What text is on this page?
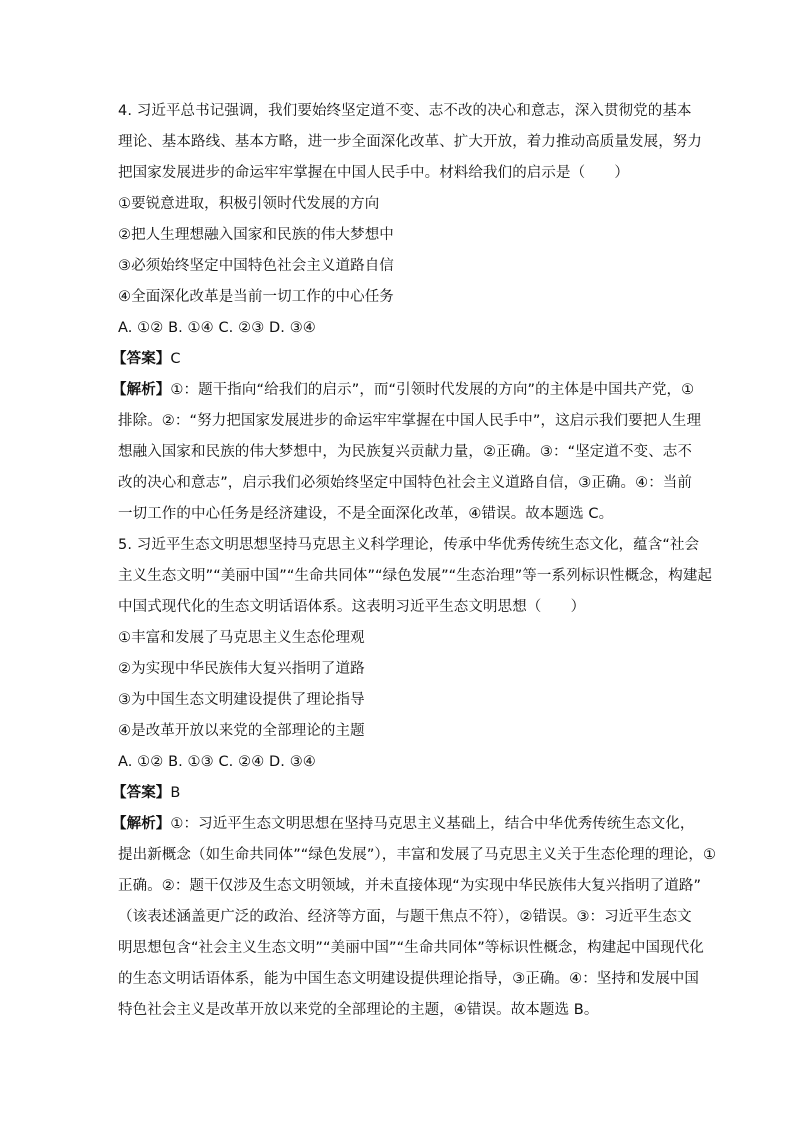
4. 习近平总书记强调，我们要始终坚定道不变、志不改的决心和意志，深入贯彻党的基本
理论、基本路线、基本方略，进一步全面深化改革、扩大开放，着力推动高质量发展，努力
把国家发展进步的命运牢牢掌握在中国人民手中。材料给我们的启示是（　　）
①要锐意进取，积极引领时代发展的方向
②把人生理想融入国家和民族的伟大梦想中
③必须始终坚定中国特色社会主义道路自信
④全面深化改革是当前一切工作的中心任务
A. ①② B. ①④ C. ②③ D. ③④
【答案】C
【解析】①：题干指向“给我们的启示”，而“引领时代发展的方向”的主体是中国共产党，①
排除。②：“努力把国家发展进步的命运牢牢掌握在中国人民手中”，这启示我们要把人生理
想融入国家和民族的伟大梦想中，为民族复兴贡献力量，②正确。③：“坚定道不变、志不
改的决心和意志”，启示我们必须始终坚定中国特色社会主义道路自信，③正确。④：当前
一切工作的中心任务是经济建设，不是全面深化改革，④错误。故本题选 C。
5. 习近平生态文明思想坚持马克思主义科学理论，传承中华优秀传统生态文化，蕴含“社会
主义生态文明”“美丽中国”“生命共同体”“绿色发展”“生态治理”等一系列标识性概念，构建起
中国式现代化的生态文明话语体系。这表明习近平生态文明思想（　　）
①丰富和发展了马克思主义生态伦理观
②为实现中华民族伟大复兴指明了道路
③为中国生态文明建设提供了理论指导
④是改革开放以来党的全部理论的主题
A. ①② B. ①③ C. ②④ D. ③④
【答案】B
【解析】①：习近平生态文明思想在坚持马克思主义基础上，结合中华优秀传统生态文化，
提出新概念（如生命共同体”“绿色发展”），丰富和发展了马克思主义关于生态伦理的理论，①
正确。②：题干仅涉及生态文明领域，并未直接体现“为实现中华民族伟大复兴指明了道路”
（该表述涵盖更广泛的政治、经济等方面，与题干焦点不符），②错误。③：习近平生态文
明思想包含“社会主义生态文明”“美丽中国”“生命共同体”等标识性概念，构建起中国现代化
的生态文明话语体系，能为中国生态文明建设提供理论指导，③正确。④：坚持和发展中国
特色社会主义是改革开放以来党的全部理论的主题，④错误。故本题选 B。
